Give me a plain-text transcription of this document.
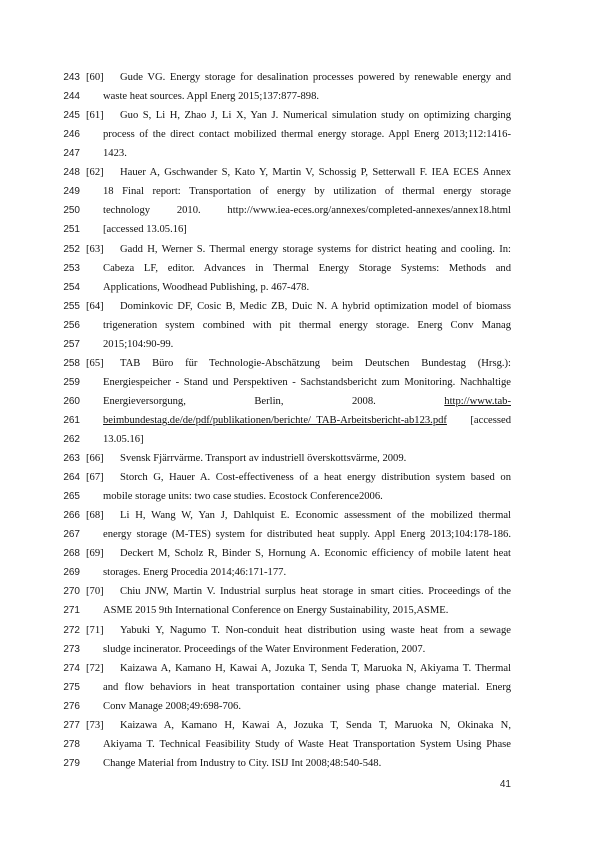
243 [60]	Gude VG. Energy storage for desalination processes powered by renewable energy and
244 waste heat sources. Appl Energ 2015;137:877-898.
245 [61]	Guo S, Li H, Zhao J, Li X, Yan J. Numerical simulation study on optimizing charging
246 process of the direct contact mobilized thermal energy storage. Appl Energ 2013;112:1416-
247 1423.
248 [62]	Hauer A, Gschwander S, Kato Y, Martin V, Schossig P, Setterwall F. IEA ECES Annex
249 18 Final report: Transportation of energy by utilization of thermal energy storage
250 technology 2010. http://www.iea-eces.org/annexes/completed-annexes/annex18.html
251 [accessed 13.05.16]
252 [63]	Gadd H, Werner S. Thermal energy storage systems for district heating and cooling. In:
253 Cabeza LF, editor. Advances in Thermal Energy Storage Systems: Methods and
254 Applications, Woodhead Publishing, p. 467-478.
255 [64]	Dominkovic DF, Cosic B, Medic ZB, Duic N. A hybrid optimization model of biomass
256 trigeneration system combined with pit thermal energy storage. Energ Conv Manag
257 2015;104:90-99.
258 [65]	TAB Büro für Technologie-Abschätzung beim Deutschen Bundestag (Hrsg.):
259 Energiespeicher - Stand und Perspektiven - Sachstandsbericht zum Monitoring. Nachhaltige
260 Energieversorgung, Berlin, 2008.	http://www.tab-
261 beimbundestag.de/de/pdf/publikationen/berichte/_TAB-Arbeitsbericht-ab123.pdf [accessed
262 13.05.16]
263 [66]	Svensk Fjärrvärme. Transport av industriell överskottsvärme, 2009.
264 [67]	Storch G, Hauer A. Cost-effectiveness of a heat energy distribution system based on
265 mobile storage units: two case studies. Ecostock Conference2006.
266 [68]	Li H, Wang W, Yan J, Dahlquist E. Economic assessment of the mobilized thermal
267 energy storage (M-TES) system for distributed heat supply. Appl Energ 2013;104:178-186.
268 [69]	Deckert M, Scholz R, Binder S, Hornung A. Economic efficiency of mobile latent heat
269 storages. Energ Procedia 2014;46:171-177.
270 [70]	Chiu JNW, Martin V. Industrial surplus heat storage in smart cities. Proceedings of the
271 ASME 2015 9th International Conference on Energy Sustainability, 2015,ASME.
272 [71]	Yabuki Y, Nagumo T. Non-conduit heat distribution using waste heat from a sewage
273 sludge incinerator. Proceedings of the Water Environment Federation, 2007.
274 [72]	Kaizawa A, Kamano H, Kawai A, Jozuka T, Senda T, Maruoka N, Akiyama T. Thermal
275 and flow behaviors in heat transportation container using phase change material. Energ
276 Conv Manage 2008;49:698-706.
277 [73]	Kaizawa A, Kamano H, Kawai A, Jozuka T, Senda T, Maruoka N, Okinaka N,
278 Akiyama T. Technical Feasibility Study of Waste Heat Transportation System Using Phase
279 Change Material from Industry to City. ISIJ Int 2008;48:540-548.
41
